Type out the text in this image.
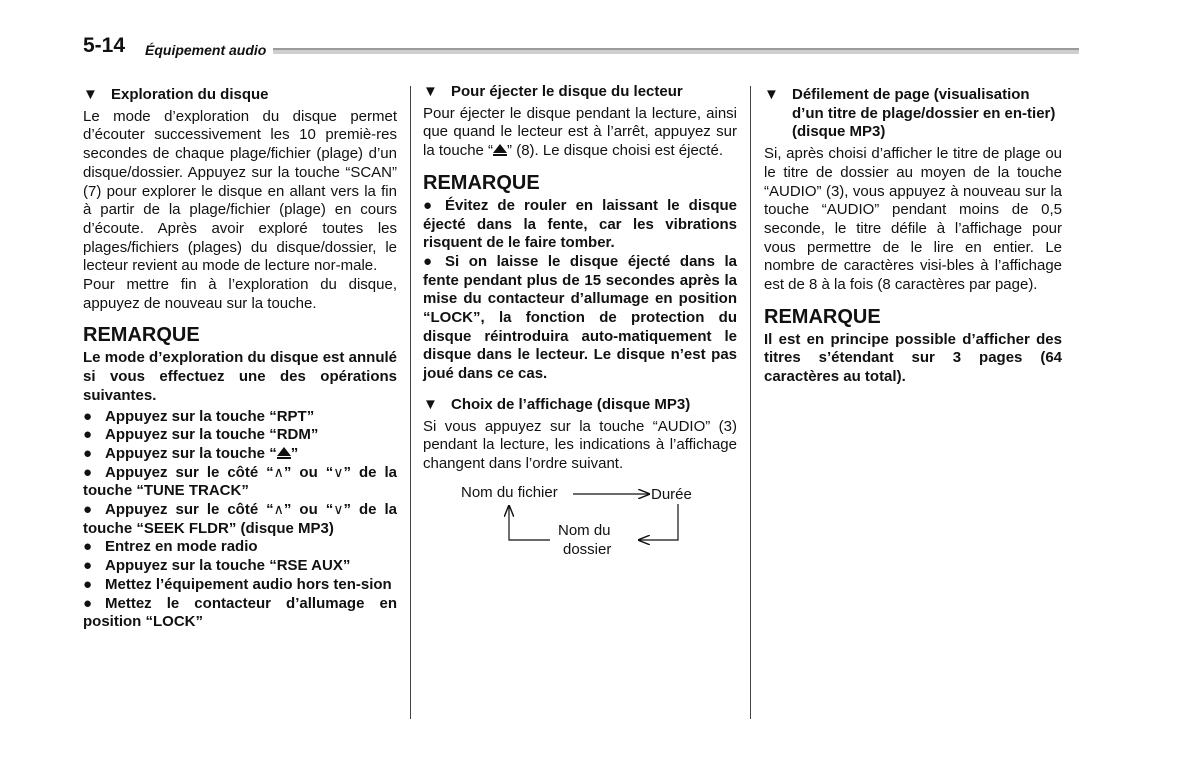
5-14 Équipement audio
▼ Exploration du disque

Le mode d’exploration du disque permet d’écouter successivement les 10 premiè-res secondes de chaque plage/fichier (plage) d’un disque/dossier. Appuyez sur la touche “SCAN” (7) pour explorer le disque en allant vers la fin à partir de la plage/fichier (plage) en cours d’écoute. Après avoir exploré toutes les plages/fichiers (plages) du disque/dossier, le lecteur revient au mode de lecture nor-male.

Pour mettre fin à l’exploration du disque, appuyez de nouveau sur la touche.

REMARQUE

Le mode d’exploration du disque est annulé si vous effectuez une des opérations suivantes.

● Appuyez sur la touche “RPT”
● Appuyez sur la touche “RDM”
● Appuyez sur la touche “ ”
● Appuyez sur le côté “∧” ou “∨” de la touche “TUNE TRACK”
● Appuyez sur le côté “∧” ou “∨” de la touche “SEEK FLDR” (disque MP3)
● Entrez en mode radio
● Appuyez sur la touche “RSE AUX”
● Mettez l’équipement audio hors ten-sion
● Mettez le contacteur d’allumage en position “LOCK”
▼ Pour éjecter le disque du lecteur

Pour éjecter le disque pendant la lecture, ainsi que quand le lecteur est à l’arrêt, appuyez sur la touche “ ” (8). Le disque choisi est éjecté.

REMARQUE
● Évitez de rouler en laissant le disque éjecté dans la fente, car les vibrations risquent de le faire tomber.
● Si on laisse le disque éjecté dans la fente pendant plus de 15 secondes après la mise du contacteur d’allumage en position “LOCK”, la fonction de protection du disque réintroduira auto-matiquement le disque dans le lecteur. Le disque n’est pas joué dans ce cas.
▼ Choix de l’affichage (disque MP3)

Si vous appuyez sur la touche “AUDIO” (3) pendant la lecture, les indications à l’affichage changent dans l’ordre suivant.

Nom du fichier	Durée
Nom du
dossier
▼ Défilement de page (visualisation d’un titre de plage/dossier en en-tier) (disque MP3)

Si, après choisi d’afficher le titre de plage ou le titre de dossier au moyen de la touche “AUDIO” (3), vous appuyez à nouveau sur la touche “AUDIO” pendant moins de 0,5 seconde, le titre défile à l’affichage pour vous permettre de le lire en entier. Le nombre de caractères visi-bles à l’affichage est de 8 à la fois (8 caractères par page).

REMARQUE

Il est en principe possible d’afficher des titres s’étendant sur 3 pages (64 caractères au total).
